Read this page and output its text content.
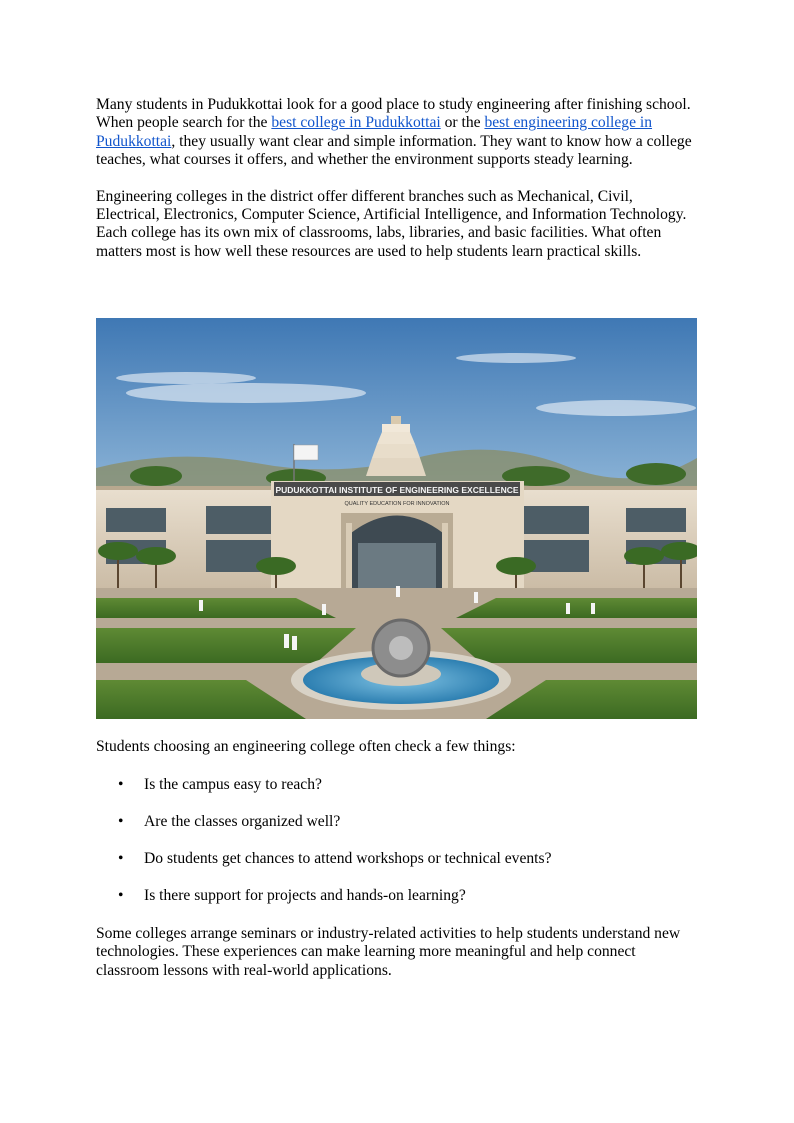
Many students in Pudukkottai look for a good place to study engineering after finishing school. When people search for the best college in Pudukkottai or the best engineering college in Pudukkottai, they usually want clear and simple information. They want to know how a college teaches, what courses it offers, and whether the environment supports steady learning.

Engineering colleges in the district offer different branches such as Mechanical, Civil, Electrical, Electronics, Computer Science, Artificial Intelligence, and Information Technology. Each college has its own mix of classrooms, labs, libraries, and basic facilities. What often matters most is how well these resources are used to help students learn practical skills.

PUDUKKOTTAI INSTITUTE OF ENGINEERING EXCELLENCE
QUALITY EDUCATION FOR INNOVATION

Students choosing an engineering college often check a few things:

• Is the campus easy to reach?
• Are the classes organized well?
• Do students get chances to attend workshops or technical events?
• Is there support for projects and hands-on learning?

Some colleges arrange seminars or industry-related activities to help students understand new technologies. These experiences can make learning more meaningful and help connect classroom lessons with real-world applications.
